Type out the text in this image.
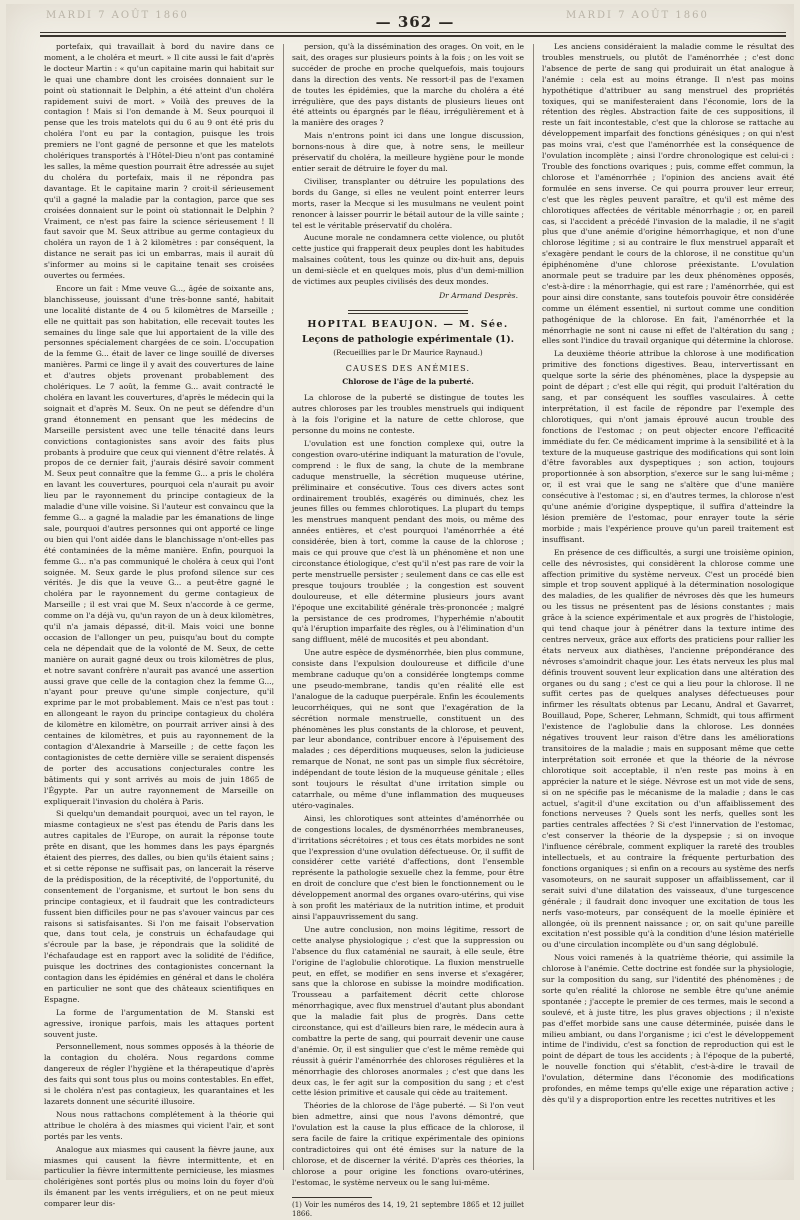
MARDI 7 AOÛT 1860	MARDI 7 AOÛT 1860
— 362 —

portefaix, qui travaillait à bord du navire dans ce moment, a le choléra et meurt. » Il cite aussi le fait d'après le docteur Martin : « qu'un capitaine marin qui habitait sur le quai une chambre dont les croisées donnaient sur le point où stationnait le Delphin, a été atteint d'un choléra rapidement suivi de mort. » Voilà des preuves de la contagion ! Mais si l'on demande à M. Seux pourquoi il pense que les trois matelots qui du 6 au 9 ont été pris du choléra l'ont eu par la contagion, puisque les trois premiers ne l'ont gagné de personne et que les matelots cholériques transportés à l'Hôtel-Dieu n'ont pas contaminé les salles, la même question pourrait être adressée au sujet du choléra du portefaix, mais il ne répondra pas davantage. Et le capitaine marin ? croit-il sérieusement qu'il a gagné la maladie par la contagion, parce que ses croisées donnaient sur le point où stationnait le Delphin ? Vraiment, ce n'est pas faire la science sérieusement ! Il faut savoir que M. Seux attribue au germe contagieux du choléra un rayon de 1 à 2 kilomètres : par conséquent, la distance ne serait pas ici un embarras, mais il aurait dû s'informer au moins si le capitaine tenait ses croisées ouvertes ou fermées.

Encore un fait : Mme veuve G..., âgée de soixante ans, blanchisseuse, jouissant d'une très-bonne santé, habitait une localité distante de 4 ou 5 kilomètres de Marseille ; elle ne quittait pas son habitation, elle recevait toutes les semaines du linge sale que lui apportaient de la ville des personnes spécialement chargées de ce soin. L'occupation de la femme G... était de laver ce linge souillé de diverses manières. Parmi ce linge il y avait des couvertures de laine et d'autres objets provenant probablement des cholériques. Le 7 août, la femme G... avait contracté le choléra en lavant les couvertures, d'après le médecin qui la soignait et d'après M. Seux. On ne peut se défendre d'un grand étonnement en pensant que les médecins de Marseille persistent avec une telle ténacité dans leurs convictions contagionistes sans avoir des faits plus probants à produire que ceux qui viennent d'être relatés. À propos de ce dernier fait, j'aurais désiré savoir comment M. Seux peut connaître que la femme G... a pris le choléra en lavant les couvertures, pourquoi cela n'aurait pu avoir lieu par le rayonnement du principe contagieux de la maladie d'une ville voisine. Si l'auteur est convaincu que la femme G... a gagné la maladie par les émanations de linge sale, pourquoi d'autres personnes qui ont apporté ce linge ou bien qui l'ont aidée dans le blanchissage n'ont-elles pas été contaminées de la même manière. Enfin, pourquoi la femme G... n'a pas communiqué le choléra à ceux qui l'ont soignée. M. Seux garde le plus profond silence sur ces vérités. Je dis que la veuve G... a peut-être gagné le choléra par le rayonnement du germe contagieux de Marseille ; il est vrai que M. Seux n'accorde à ce germe, comme on l'a déjà vu, qu'un rayon de un à deux kilomètres, qu'il n'a jamais dépassé, dit-il. Mais voici une bonne occasion de l'allonger un peu, puisqu'au bout du compte cela ne dépendait que de la volonté de M. Seux, de cette manière on aurait gagné deux ou trois kilomètres de plus, et notre savant confrère n'aurait pas avancé une assertion aussi grave que celle de la contagion chez la femme G..., n'ayant pour preuve qu'une simple conjecture, qu'il exprime par le mot probablement. Mais ce n'est pas tout : en allongeant le rayon du principe contagieux du choléra de kilomètre en kilomètre, on pourrait arriver ainsi à des centaines de kilomètres, et puis au rayonnement de la contagion d'Alexandrie à Marseille ; de cette façon les contagionistes de cette dernière ville se seraient dispensés de porter des accusations conjecturales contre les bâtiments qui y sont arrivés au mois de juin 1865 de l'Égypte. Par un autre rayonnement de Marseille on expliquerait l'invasion du choléra à Paris.

Si quelqu'un demandait pourquoi, avec un tel rayon, le miasme contagieux ne s'est pas étendu de Paris dans les autres capitales de l'Europe, on aurait la réponse toute prête en disant, que les hommes dans les pays épargnés étaient des pierres, des dalles, ou bien qu'ils étaient sains ; et si cette réponse ne suffisait pas, on lancerait la réserve de la prédisposition, de la réceptivité, de l'opportunité, du consentement de l'organisme, et surtout le bon sens du principe contagieux, et il faudrait que les contradicteurs fussent bien difficiles pour ne pas s'avouer vaincus par ces raisons si satisfaisantes. Si l'on me faisait l'observation que, dans tout cela, je construis un échafaudage qui s'écroule par la base, je répondrais que la solidité de l'échafaudage est en rapport avec la solidité de l'édifice, puisque les doctrines des contagionistes concernant la contagion dans les épidémies en général et dans le choléra en particulier ne sont que des châteaux scientifiques en Espagne.

La forme de l'argumentation de M. Stanski est agressive, ironique parfois, mais les attaques portent souvent juste.

Personnellement, nous sommes opposés à la théorie de la contagion du choléra. Nous regardons comme dangereux de régler l'hygiène et la thérapeutique d'après des faits qui sont tous plus ou moins contestables. En effet, si le choléra n'est pas contagieux, les quarantaines et les lazarets donnent une sécurité illusoire.

Nous nous rattachons complétement à la théorie qui attribue le choléra à des miasmes qui vicient l'air, et sont portés par les vents.

Analogue aux miasmes qui causent la fièvre jaune, aux miasmes qui causent la fièvre intermittente, et en particulier la fièvre intermittente pernicieuse, les miasmes cholérigènes sont portés plus ou moins loin du foyer d'où ils émanent par les vents irréguliers, et on ne peut mieux comparer leur dis-

persion, qu'à la dissémination des orages. On voit, en le sait, des orages sur plusieurs points à la fois ; on les voit se succéder de proche en proche quelquefois, mais toujours dans la direction des vents. Ne ressort-il pas de l'examen de toutes les épidémies, que la marche du choléra a été irrégulière, que des pays distants de plusieurs lieues ont été atteints ou épargnés par le fléau, irrégulièrement et à la manière des orages ?

Mais n'entrons point ici dans une longue discussion, bornons-nous à dire que, à notre sens, le meilleur préservatif du choléra, la meilleure hygiène pour le monde entier serait de détruire le foyer du mal.

Civiliser, transplanter ou détruire les populations des bords du Gange, si elles ne veulent point enterrer leurs morts, raser la Mecque si les musulmans ne veulent point renoncer à laisser pourrir le bétail autour de la ville sainte ; tel est le véritable préservatif du choléra.

Aucune morale ne condamnera cette violence, ou plutôt cette justice qui frapperait deux peuples dont les habitudes malsaines coûtent, tous les quinze ou dix-huit ans, depuis un demi-siècle et en quelques mois, plus d'un demi-million de victimes aux peuples civilisés des deux mondes.

Dr Armand Desprès.
HOPITAL BEAUJON. — M. Sée.
Leçons de pathologie expérimentale (1).
(Recueillies par le Dr Maurice Raynaud.)
CAUSES DES ANÉMIES.
Chlorose de l'âge de la puberté.

La chlorose de la puberté se distingue de toutes les autres chloroses par les troubles menstruels qui indiquent à la fois l'origine et la nature de cette chlorose, que personne du moins ne conteste.

L'ovulation est une fonction complexe qui, outre la congestion ovaro-utérine indiquant la maturation de l'ovule, comprend : le flux de sang, la chute de la membrane caduque menstruelle, la sécrétion muqueuse utérine, préliminaire et consécutive. Tous ces divers actes sont ordinairement troublés, exagérés ou diminués, chez les jeunes filles ou femmes chlorotiques. La plupart du temps les menstrues manquent pendant des mois, ou même des années entières, et c'est pourquoi l'aménorrhée a été considérée, bien à tort, comme la cause de la chlorose ; mais ce qui prouve que c'est là un phénomène et non une circonstance étiologique, c'est qu'il n'est pas rare de voir la perte menstruelle persister ; seulement dans ce cas elle est presque toujours troublée ; la congestion est souvent douloureuse, et elle détermine plusieurs jours avant l'époque une excitabilité générale très-prononcée ; malgré la persistance de ces prodromes, l'hyperhémie n'aboutit qu'à l'éruption imparfaite des règles, ou à l'élimination d'un sang diffluent, mêlé de mucosités et peu abondant.

Une autre espèce de dysménorrhée, bien plus commune, consiste dans l'expulsion douloureuse et difficile d'une membrane caduque qu'on a considérée longtemps comme une pseudo-membrane, tandis qu'en réalité elle est l'analogue de la caduque puerpérale. Enfin les écoulements leucorrhéiques, qui ne sont que l'exagération de la sécrétion normale menstruelle, constituent un des phénomènes les plus constants de la chlorose, et peuvent, par leur abondance, contribuer encore à l'épuisement des malades ; ces déperditions muqueuses, selon la judicieuse remarque de Nonat, ne sont pas un simple flux sécrétoire, indépendant de toute lésion de la muqueuse génitale ; elles sont toujours le résultat d'une irritation simple ou catarrhale, ou même d'une inflammation des muqueuses utéro-vaginales.

Ainsi, les chlorotiques sont atteintes d'aménorrhée ou de congestions locales, de dysménorrhées membraneuses, d'irritations sécrétoires ; et tous ces états morbides ne sont que l'expression d'une ovulation défectueuse. Or, il suffit de considérer cette variété d'affections, dont l'ensemble représente la pathologie sexuelle chez la femme, pour être en droit de conclure que c'est bien le fonctionnement ou le développement anormal des organes ovaro-utérins, qui vise à son profit les matériaux de la nutrition intime, et produit ainsi l'appauvrissement du sang.

Une autre conclusion, non moins légitime, ressort de cette analyse physiologique ; c'est que la suppression ou l'absence du flux cataménial ne saurait, à elle seule, être l'origine de l'aglobulie chlorotique. La fluxion menstruelle peut, en effet, se modifier en sens inverse et s'exagérer, sans que la chlorose en subisse la moindre modification. Trousseau a parfaitement décrit cette chlorose ménorrhagique, avec flux menstruel d'autant plus abondant que la maladie fait plus de progrès. Dans cette circonstance, qui est d'ailleurs bien rare, le médecin aura à combattre la perte de sang, qui pourrait devenir une cause d'anémie. Or, il est singulier que c'est le même remède qui réussit à guérir l'aménorrhée des chloroses régulières et la ménorrhagie des chloroses anormales ; c'est que dans les deux cas, le fer agit sur la composition du sang ; et c'est cette lésion primitive et causale qui cède au traitement.

Théories de la chlorose de l'âge puberté. — Si l'on veut bien admettre, ainsi que nous l'avons démontré, que l'ovulation est la cause la plus efficace de la chlorose, il sera facile de faire la critique expérimentale des opinions contradictoires qui ont été émises sur la nature de la chlorose, et de discerner la vérité. D'après ces théories, la chlorose a pour origine les fonctions ovaro-utérines, l'estomac, le système nerveux ou le sang lui-même.

(1) Voir les numéros des 14, 19, 21 septembre 1865 et 12 juillet 1866.

Les anciens considéraient la maladie comme le résultat des troubles menstruels, ou plutôt de l'aménorrhée ; c'est donc l'absence de perte de sang qui produirait un état analogue à l'anémie : cela est au moins étrange. Il n'est pas moins hypothétique d'attribuer au sang menstruel des propriétés toxiques, qui se manifesteraient dans l'économie, lors de la rétention des règles. Abstraction faite de ces suppositions, il reste un fait incontestable, c'est que la chlorose se rattache au développement imparfait des fonctions génésiques ; on qui n'est pas moins vrai, c'est que l'aménorrhée est la conséquence de l'ovulation incomplète ; ainsi l'ordre chronologique est celui-ci : Trouble des fonctions ovariques ; puis, comme effet commun, la chlorose et l'aménorrhée ; l'opinion des anciens avait été formulée en sens inverse. Ce qui pourra prouver leur erreur, c'est que les règles peuvent paraître, et qu'il est même des chlorotiques affectées de véritable ménorrhagie ; or, en pareil cas, si l'accident a précédé l'invasion de la maladie, il ne s'agit plus que d'une anémie d'origine hémorrhagique, et non d'une chlorose légitime ; si au contraire le flux menstruel apparaît et s'exagère pendant le cours de la chlorose, il ne constitue qu'un épiphénomène d'une chlorose préexistante. L'ovulation anormale peut se traduire par les deux phénomènes opposés, c'est-à-dire : la ménorrhagie, qui est rare ; l'aménorrhée, qui est pour ainsi dire constante, sans toutefois pouvoir être considérée comme un élément essentiel, ni surtout comme une condition pathogénique de la chlorose. En fait, l'aménorrhée et la ménorrhagie ne sont ni cause ni effet de l'altération du sang ; elles sont l'indice du travail organique qui détermine la chlorose.

La deuxième théorie attribue la chlorose à une modification primitive des fonctions digestives. Beau, intervertissant en quelque sorte la série des phénomènes, place la dyspepsie au point de départ ; c'est elle qui régit, qui produit l'altération du sang, et par conséquent les souffles vasculaires. À cette interprétation, il est facile de répondre par l'exemple des chlorotiques, qui n'ont jamais éprouvé aucun trouble des fonctions de l'estomac ; on peut objecter encore l'efficacité immédiate du fer. Ce médicament imprime à la sensibilité et à la texture de la muqueuse gastrique des modifications qui sont loin d'être favorables aux dyspeptiques ; son action, toujours proportionnée à son absorption, s'exerce sur le sang lui-même ; or, il est vrai que le sang ne s'altère que d'une manière consécutive à l'estomac ; si, en d'autres termes, la chlorose n'est qu'une anémie d'origine dyspeptique, il suffira d'atteindre la lésion première de l'estomac, pour enrayer toute la série morbide ; mais l'expérience prouve qu'un pareil traitement est insuffisant.

En présence de ces difficultés, a surgi une troisième opinion, celle des névrosistes, qui considèrent la chlorose comme une affection primitive du système nerveux. C'est un procédé bien simple et trop souvent appliqué à la détermination nosologique des maladies, de les qualifier de névroses dès que les humeurs ou les tissus ne présentent pas de lésions constantes ; mais grâce à la science expérimentale et aux progrès de l'histologie, qui tend chaque jour à pénétrer dans la texture intime des centres nerveux, grâce aux efforts des praticiens pour rallier les états nerveux aux diathèses, l'ancienne prépondérance des névroses s'amoindrit chaque jour. Les états nerveux les plus mal définis trouvent souvent leur explication dans une altération des organes ou du sang ; c'est ce qui a lieu pour la chlorose. Il ne suffit certes pas de quelques analyses défectueuses pour infirmer les résultats obtenus par Lecanu, Andral et Gavarret, Bouillaud, Pope, Scherer, Lehmann, Schmidt, qui tous affirment l'existence de l'aglobulie dans la chlorose. Les données négatives trouvent leur raison d'être dans les améliorations transitoires de la maladie ; mais en supposant même que cette interprétation soit erronée et que la théorie de la névrose chlorotique soit acceptable, il n'en reste pas moins à en apprécier la nature et le siége. Névrose est un mot vide de sens, si on ne spécifie pas le mécanisme de la maladie ; dans le cas actuel, s'agit-il d'une excitation ou d'un affaiblissement des fonctions nerveuses ? Quels sont les nerfs, quelles sont les parties centrales affectées ? Si c'est l'innervation de l'estomac, c'est conserver la théorie de la dyspepsie ; si on invoque l'influence cérébrale, comment expliquer la rareté des troubles intellectuels, et au contraire la fréquente perturbation des fonctions organiques ; si enfin on a recours au système des nerfs vasomoteurs, on ne saurait supposer un affaiblissement, car il serait suivi d'une dilatation des vaisseaux, d'une turgescence générale ; il faudrait donc invoquer une excitation de tous les nerfs vaso-moteurs, par conséquent de la moelle épinière et allongée, où ils prennent naissance ; or, on sait qu'une pareille excitation n'est possible qu'à la condition d'une lésion matérielle ou d'une circulation incomplète ou d'un sang déglobulé.

Nous voici ramenés à la quatrième théorie, qui assimile la chlorose à l'anémie. Cette doctrine est fondée sur la physiologie, sur la composition du sang, sur l'identité des phénomènes ; de sorte qu'en réalité la chlorose ne semble être qu'une anémie spontanée ; j'accepte le premier de ces termes, mais le second a soulevé, et à juste titre, les plus graves objections ; il n'existe pas d'effet morbide sans une cause déterminée, puisée dans le milieu ambiant, ou dans l'organisme ; ici c'est le développement intime de l'individu, c'est sa fonction de reproduction qui est le point de départ de tous les accidents ; à l'époque de la puberté, le nouvelle fonction qui s'établit, c'est-à-dire le travail de l'ovulation, détermine dans l'économie des modifications profondes, en même temps qu'elle exige une réparation active ; dès qu'il y a disproportion entre les recettes nutritives et les
